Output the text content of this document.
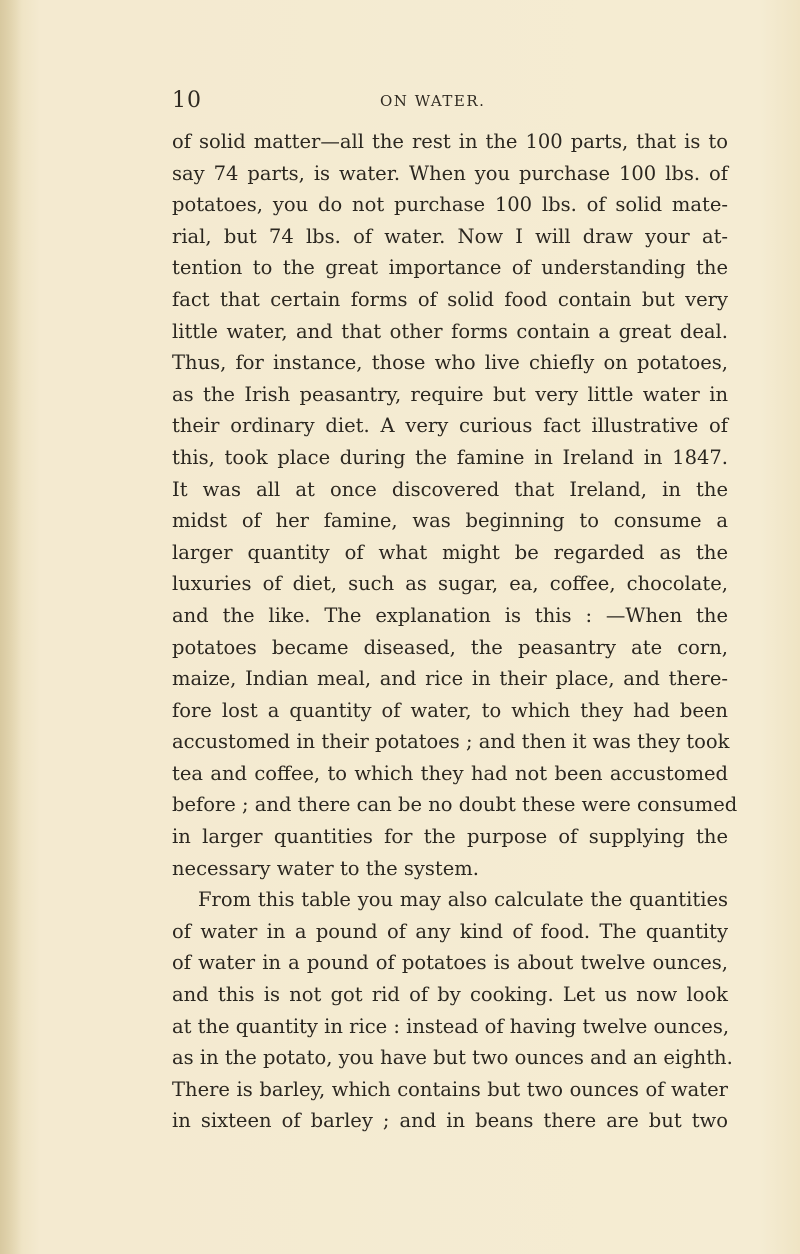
10	ON WATER.
of solid matter—all the rest in the 100 parts, that is to
say 74 parts, is water. When you purchase 100 lbs. of
potatoes, you do not purchase 100 lbs. of solid mate-
rial, but 74 lbs. of water. Now I will draw your at-
tention to the great importance of understanding the
fact that certain forms of solid food contain but very
little water, and that other forms contain a great deal.
Thus, for instance, those who live chiefly on potatoes,
as the Irish peasantry, require but very little water in
their ordinary diet. A very curious fact illustrative of
this, took place during the famine in Ireland in 1847.
It was all at once discovered that Ireland, in the
midst of her famine, was beginning to consume a
larger quantity of what might be regarded as the
luxuries of diet, such as sugar, ea, coffee, chocolate,
and the like. The explanation is this : —When the
potatoes became diseased, the peasantry ate corn,
maize, Indian meal, and rice in their place, and there-
fore lost a quantity of water, to which they had been
accustomed in their potatoes ; and then it was they took
tea and coffee, to which they had not been accustomed
before ; and there can be no doubt these were consumed
in larger quantities for the purpose of supplying the
necessary water to the system.
From this table you may also calculate the quantities
of water in a pound of any kind of food. The quantity
of water in a pound of potatoes is about twelve ounces,
and this is not got rid of by cooking. Let us now look
at the quantity in rice : instead of having twelve ounces,
as in the potato, you have but two ounces and an eighth.
There is barley, which contains but two ounces of water
in sixteen of barley ; and in beans there are but two
